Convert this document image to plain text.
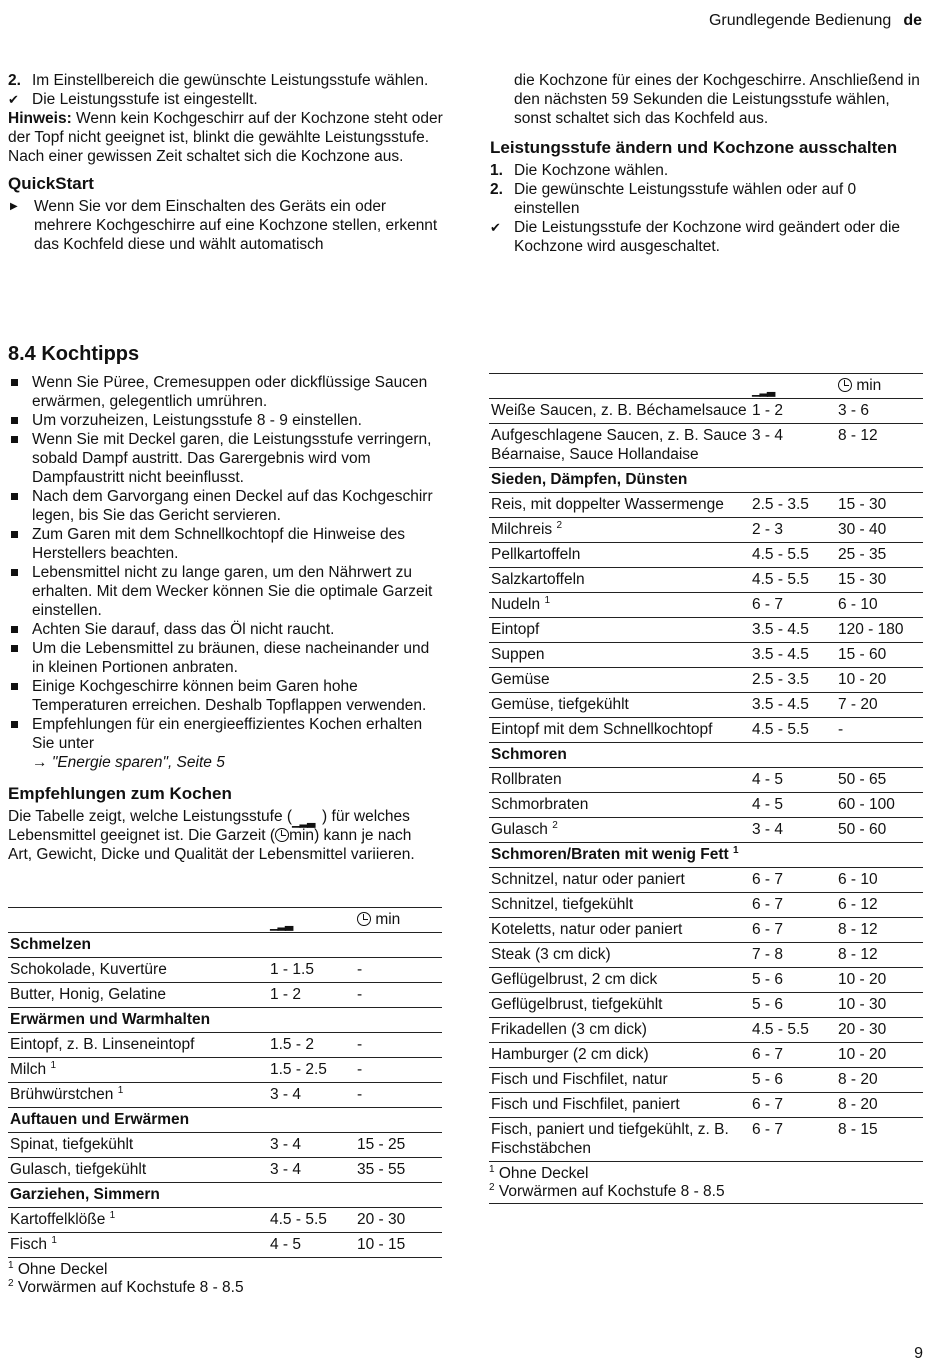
Grundlegende Bedienung de
2. Im Einstellbereich die gewünschte Leistungsstufe wählen.
✔ Die Leistungsstufe ist eingestellt.

Hinweis: Wenn kein Kochgeschirr auf der Kochzone steht oder der Topf nicht geeignet ist, blinkt die gewählte Leistungsstufe. Nach einer gewissen Zeit schaltet sich die Kochzone aus.

QuickStart
▶	Wenn Sie vor dem Einschalten des Geräts ein oder mehrere Kochgeschirre auf eine Kochzone stellen, erkennt das Kochfeld diese und wählt automatisch

die Kochzone für eines der Kochgeschirre. Anschließend in den nächsten 59 Sekunden die Leistungsstufe wählen, sonst schaltet sich das Kochfeld aus.

Leistungsstufe ändern und Kochzone ausschalten
1. Die Kochzone wählen.
2. Die gewünschte Leistungsstufe wählen oder auf 0 einstellen
✔ Die Leistungsstufe der Kochzone wird geändert oder die Kochzone wird ausgeschaltet.
8.4 Kochtipps
Wenn Sie Püree, Cremesuppen oder dickflüssige Saucen erwärmen, gelegentlich umrühren.
Um vorzuheizen, Leistungsstufe 8 - 9 einstellen.
Wenn Sie mit Deckel garen, die Leistungsstufe verringern, sobald Dampf austritt. Das Garergebnis wird vom Dampfaustritt nicht beeinflusst.
Nach dem Garvorgang einen Deckel auf das Kochgeschirr legen, bis Sie das Gericht servieren.
Zum Garen mit dem Schnellkochtopf die Hinweise des Herstellers beachten.
Lebensmittel nicht zu lange garen, um den Nährwert zu erhalten. Mit dem Wecker können Sie die optimale Garzeit einstellen.
Achten Sie darauf, dass das Öl nicht raucht.
Um die Lebensmittel zu bräunen, diese nacheinander und in kleinen Portionen anbraten.
Einige Kochgeschirre können beim Garen hohe Temperaturen erreichen. Deshalb Topflappen verwenden.
Empfehlungen für ein energieeffizientes Kochen erhalten Sie unter
→ "Energie sparen", Seite 5
Empfehlungen zum Kochen

Die Tabelle zeigt, welche Leistungsstufe ( ▁▂▃ ) für welches Lebensmittel geeignet ist. Die Garzeit ( min) kann je nach Art, Gewicht, Dicke und Qualität der Lebensmittel variieren.

	▁▂▃	min
Schmelzen		
Schokolade, Kuvertüre	1 - 1.5	-
Butter, Honig, Gelatine	1 - 2	-
Erwärmen und Warmhalten		
Eintopf, z. B. Linseneintopf	1.5 - 2	-
Milch $^1$	1.5 - 2.5	-
Brühwürstchen $^1$	3 - 4	-
Auftauen und Erwärmen		
Spinat, tiefgekühlt	3 - 4	15 - 25
Gulasch, tiefgekühlt	3 - 4	35 - 55
Garziehen, Simmern		
Kartoffelklöße $^1$	4.5 - 5.5	20 - 30
Fisch $^1$	4 - 5	10 - 15
$^1$ Ohne Deckel
$^2$ Vorwärmen auf Kochstufe 8 - 8.5
	▁▂▃	min
Weiße Saucen, z. B. Béchamelsauce	1 - 2	3 - 6
Aufgeschlagene Saucen, z. B. Sauce Béarnaise, Sauce Hollandaise	3 - 4	8 - 12
Sieden, Dämpfen, Dünsten		
Reis, mit doppelter Wassermenge	2.5 - 3.5	15 - 30
Milchreis $^2$	2 - 3	30 - 40
Pellkartoffeln	4.5 - 5.5	25 - 35
Salzkartoffeln	4.5 - 5.5	15 - 30
Nudeln $^1$	6 - 7	6 - 10
Eintopf	3.5 - 4.5	120 - 180
Suppen	3.5 - 4.5	15 - 60
Gemüse	2.5 - 3.5	10 - 20
Gemüse, tiefgekühlt	3.5 - 4.5	7 - 20
Eintopf mit dem Schnellkochtopf	4.5 - 5.5	-
Schmoren		
Rollbraten	4 - 5	50 - 65
Schmorbraten	4 - 5	60 - 100
Gulasch $^2$	3 - 4	50 - 60
Schmoren/Braten mit wenig Fett $^1$
Schnitzel, natur oder paniert	6 - 7	6 - 10
Schnitzel, tiefgekühlt	6 - 7	6 - 12
Koteletts, natur oder paniert	6 - 7	8 - 12
Steak (3 cm dick)	7 - 8	8 - 12
Geflügelbrust, 2 cm dick	5 - 6	10 - 20
Geflügelbrust, tiefgekühlt	5 - 6	10 - 30
Frikadellen (3 cm dick)	4.5 - 5.5	20 - 30
Hamburger (2 cm dick)	6 - 7	10 - 20
Fisch und Fischfilet, natur	5 - 6	8 - 20
Fisch und Fischfilet, paniert	6 - 7	8 - 20
Fisch, paniert und tiefgekühlt, z. B. Fischstäbchen	6 - 7	8 - 15
$^1$ Ohne Deckel
$^2$ Vorwärmen auf Kochstufe 8 - 8.5
9
